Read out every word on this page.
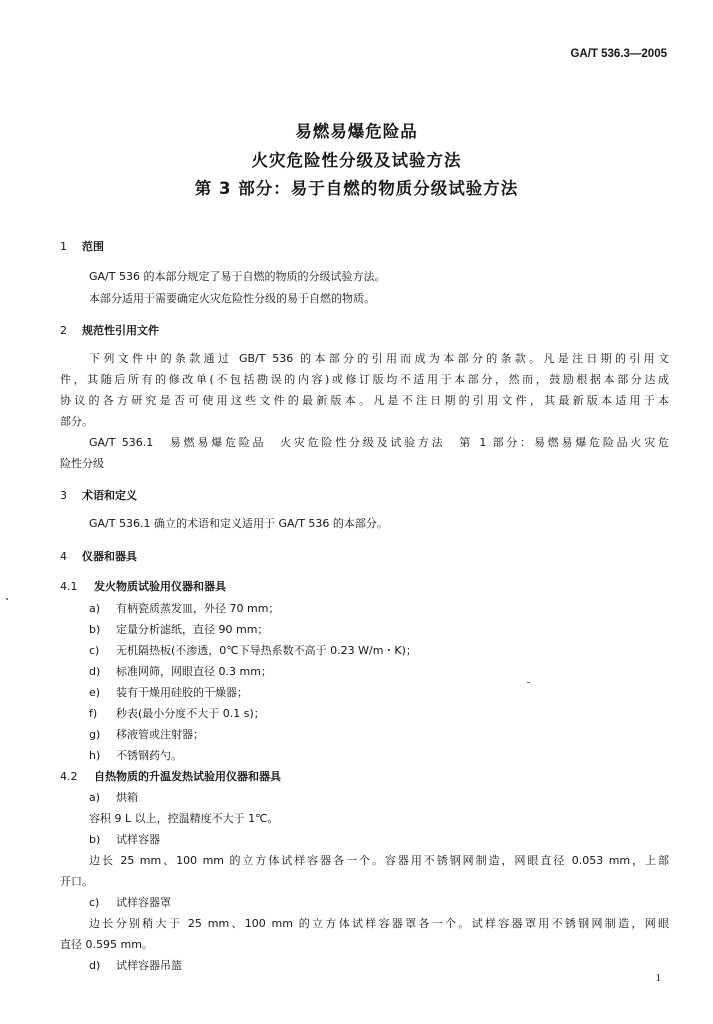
GA/T 536.3—2005
易燃易爆危险品
火灾危险性分级及试验方法
第 3 部分：易于自燃的物质分级试验方法
1 范围
GA/T 536 的本部分规定了易于自燃的物质的分级试验方法。
本部分适用于需要确定火灾危险性分级的易于自燃的物质。
2 规范性引用文件
下列文件中的条款通过 GB/T 536 的本部分的引用而成为本部分的条款。凡是注日期的引用文
件，其随后所有的修改单(不包括勘误的内容)或修订版均不适用于本部分，然而，鼓励根据本部分达成
协议的各方研究是否可使用这些文件的最新版本。凡是不注日期的引用文件，其最新版本适用于本
部分。
GA/T 536.1　易燃易爆危险品　火灾危险性分级及试验方法　第 1 部分：易燃易爆危险品火灾危
险性分级
3 术语和定义
GA/T 536.1 确立的术语和定义适用于 GA/T 536 的本部分。
4 仪器和器具
4.1 发火物质试验用仪器和器具
a) 有柄瓷质蒸发皿，外径 70 mm；
b) 定量分析滤纸，直径 90 mm；
c) 无机隔热板(不渗透，0℃下导热系数不高于 0.23 W/m・K)；
d) 标准网筛，网眼直径 0.3 mm；
e) 装有干燥用硅胶的干燥器；
f) 秒表(最小分度不大于 0.1 s)；
g) 移液管或注射器；
h) 不锈钢药勺。
4.2 自热物质的升温发热试验用仪器和器具
a) 烘箱
容积 9 L 以上，控温精度不大于 1℃。
b) 试样容器
边长 25 mm、100 mm 的立方体试样容器各一个。容器用不锈钢网制造，网眼直径 0.053 mm，上部
开口。
c) 试样容器罩
边长分别稍大于 25 mm、100 mm 的立方体试样容器罩各一个。试样容器罩用不锈钢网制造，网眼
直径 0.595 mm。
d) 试样容器吊篮
1
